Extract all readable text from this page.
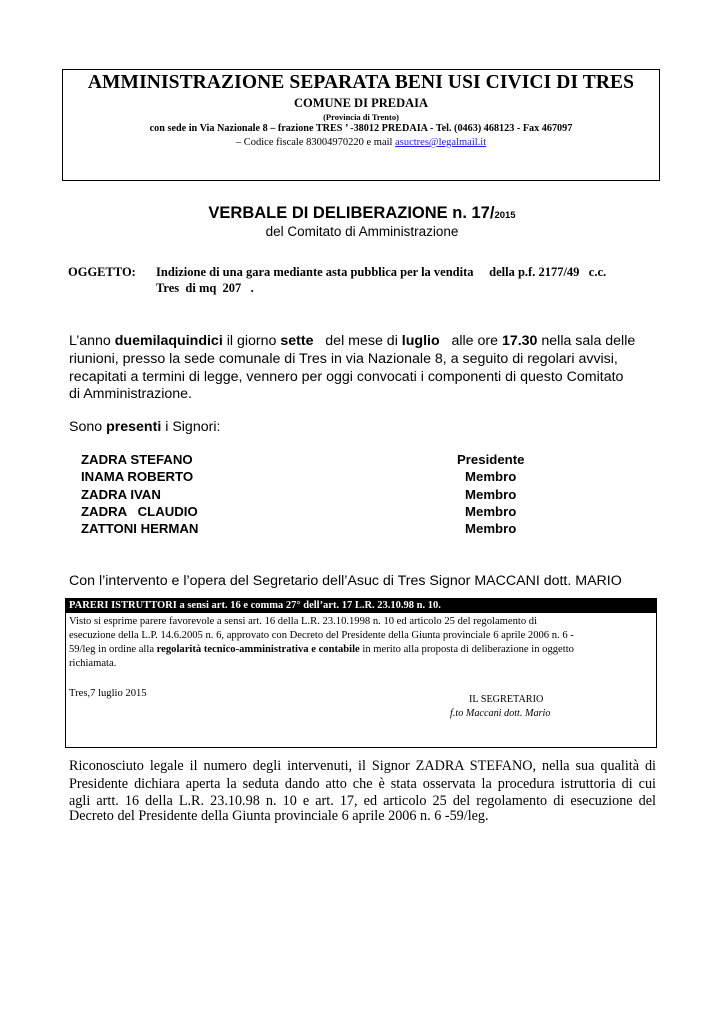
AMMINISTRAZIONE SEPARATA BENI USI CIVICI DI TRES
COMUNE DI PREDAIA
(Provincia di Trento)
con sede in Via Nazionale 8 – frazione TRES ’ -38012 PREDAIA - Tel. (0463) 468123 - Fax 467097
– Codice fiscale 83004970220 e mail asuctres@legalmail.it
VERBALE DI DELIBERAZIONE n. 17/2015
del Comitato di Amministrazione
OGGETTO: Indizione di una gara mediante asta pubblica per la vendita     della p.f. 2177/49   c.c.
Tres  di mq  207   .
L’anno duemilaquindici il giorno sette   del mese di luglio   alle ore 17.30 nella sala delle
riunioni, presso la sede comunale di Tres in via Nazionale 8, a seguito di regolari avvisi,
recapitati a termini di legge, vennero per oggi convocati i componenti di questo Comitato
di Amministrazione.
Sono presenti i Signori:
ZADRA STEFANO	Presidente
INAMA ROBERTO	Membro
ZADRA IVAN	Membro
ZADRA   CLAUDIO	Membro
ZATTONI HERMAN	Membro
Con l’intervento e l’opera del Segretario dell’Asuc di Tres Signor MACCANI dott. MARIO
PARERI ISTRUTTORI a sensi art. 16 e comma 27° dell’art. 17 L.R. 23.10.98 n. 10.
Visto si esprime parere favorevole a sensi art. 16 della L.R. 23.10.1998 n. 10 ed articolo 25 del regolamento di
esecuzione della L.P. 14.6.2005 n. 6, approvato con Decreto del Presidente della Giunta provinciale 6 aprile 2006 n. 6 -
59/leg in ordine alla regolarità tecnico-amministrativa e contabile in merito alla proposta di deliberazione in oggetto
richiamata.
Tres,7 luglio 2015
IL SEGRETARIO
f.to Maccani dott. Mario
Riconosciuto legale il numero degli intervenuti, il Signor ZADRA STEFANO, nella sua qualità di
Presidente dichiara aperta la seduta dando atto che è stata osservata la procedura istruttoria di cui
agli artt. 16 della L.R. 23.10.98 n. 10 e art. 17, ed articolo 25 del regolamento di esecuzione del
Decreto del Presidente della Giunta provinciale 6 aprile 2006 n. 6 -59/leg.
